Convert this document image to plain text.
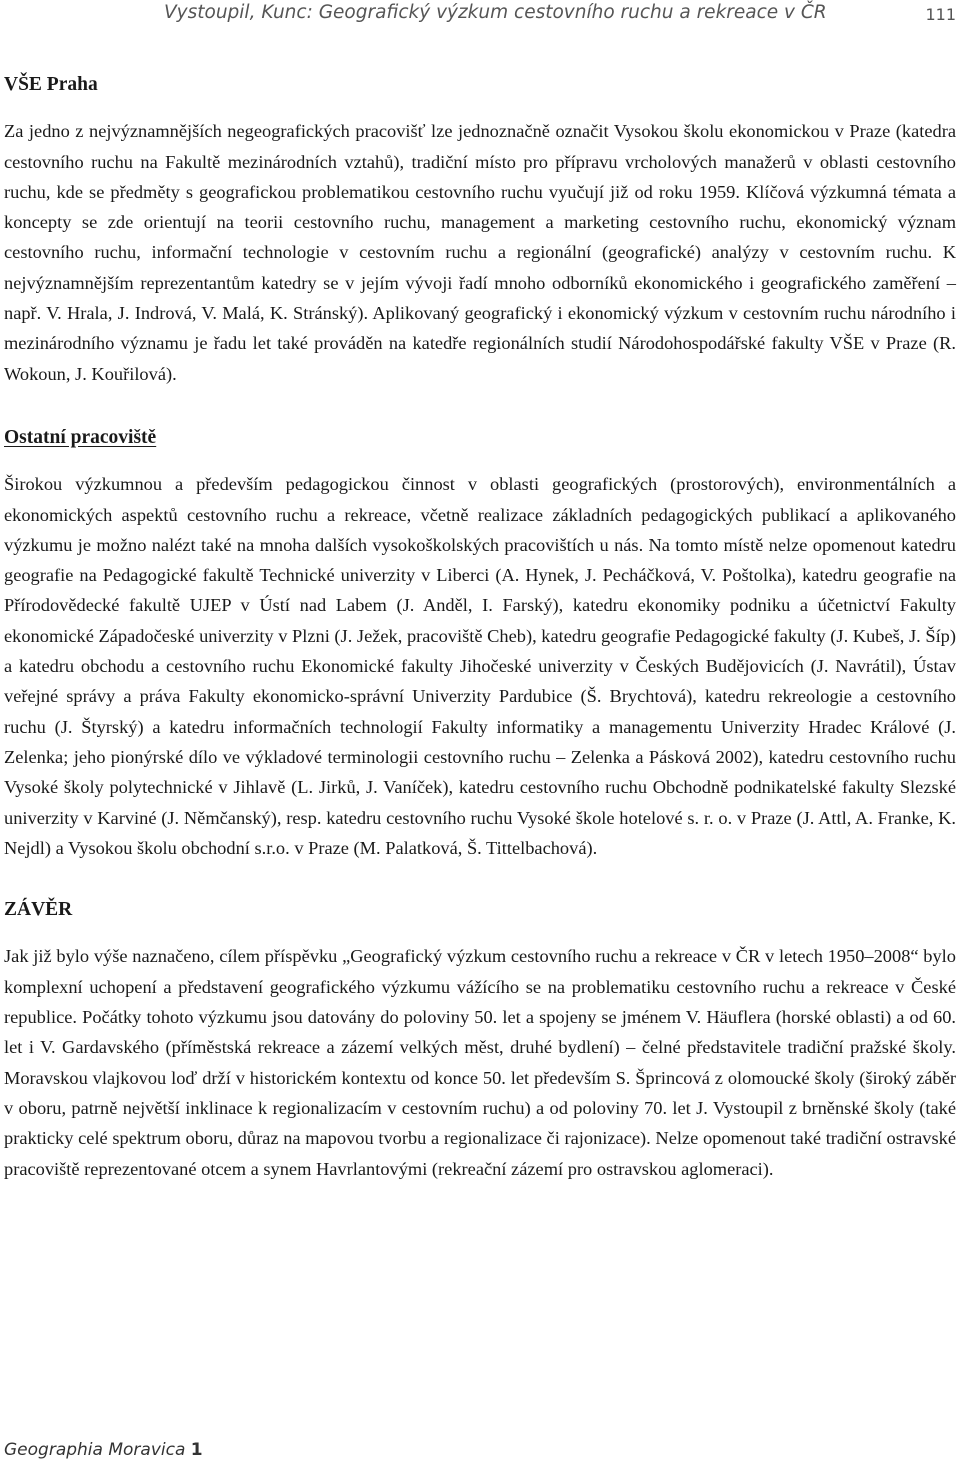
Vystoupil, Kunc: Geografický výzkum cestovního ruchu a rekreace v ČR	111
VŠE Praha

Za jedno z nejvýznamnějších negeografických pracovišť lze jednoznačně označit Vysokou školu ekonomickou v Praze (katedra cestovního ruchu na Fakultě mezinárodních vztahů), tradiční místo pro přípravu vrcholových manažerů v oblasti cestovního ruchu, kde se předměty s geografickou problematikou cestovního ruchu vyučují již od roku 1959. Klíčová výzkumná témata a koncepty se zde orientují na teorii cestovního ruchu, management a marketing cestovního ruchu, ekonomický význam cestovního ruchu, informační technologie v cestovním ruchu a regionální (geografické) analýzy v cestovním ruchu. K nejvýznamnějším reprezentantům katedry se v jejím vývoji řadí mnoho odborníků ekonomického i geografického zaměření – např. V. Hrala, J. Indrová, V. Malá, K. Stránský). Aplikovaný geografický i ekonomický výzkum v cestovním ruchu národního i mezinárodního významu je řadu let také prováděn na katedře regionálních studií Národohospodářské fakulty VŠE v Praze (R. Wokoun, J. Kouřilová).

Ostatní pracoviště

Širokou výzkumnou a především pedagogickou činnost v oblasti geografických (prostorových), environmentálních a ekonomických aspektů cestovního ruchu a rekreace, včetně realizace základních pedagogických publikací a aplikovaného výzkumu je možno nalézt také na mnoha dalších vysokoškolských pracovištích u nás. Na tomto místě nelze opomenout katedru geografie na Pedagogické fakultě Technické univerzity v Liberci (A. Hynek, J. Pecháčková, V. Poštolka), katedru geografie na Přírodovědecké fakultě UJEP v Ústí nad Labem (J. Anděl, I. Farský), katedru ekonomiky podniku a účetnictví Fakulty ekonomické Západočeské univerzity v Plzni (J. Ježek, pracoviště Cheb), katedru geografie Pedagogické fakulty (J. Kubeš, J. Šíp) a katedru obchodu a cestovního ruchu Ekonomické fakulty Jihočeské univerzity v Českých Budějovicích (J. Navrátil), Ústav veřejné správy a práva Fakulty ekonomicko-správní Univerzity Pardubice (Š. Brychtová), katedru rekreologie a cestovního ruchu (J. Štyrský) a katedru informačních technologií Fakulty informatiky a managementu Univerzity Hradec Králové (J. Zelenka; jeho pionýrské dílo ve výkladové terminologii cestovního ruchu – Zelenka a Pásková 2002), katedru cestovního ruchu Vysoké školy polytechnické v Jihlavě (L. Jirků, J. Vaníček), katedru cestovního ruchu Obchodně podnikatelské fakulty Slezské univerzity v Karviné (J. Němčanský), resp. katedru cestovního ruchu Vysoké škole hotelové s. r. o. v Praze (J. Attl, A. Franke, K. Nejdl) a Vysokou školu obchodní s.r.o. v Praze (M. Palatková, Š. Tittelbachová).

ZÁVĚR

Jak již bylo výše naznačeno, cílem příspěvku „Geografický výzkum cestovního ruchu a rekreace v ČR v letech 1950–2008“ bylo komplexní uchopení a představení geografického výzkumu vážícího se na problematiku cestovního ruchu a rekreace v České republice. Počátky tohoto výzkumu jsou datovány do poloviny 50. let a spojeny se jménem V. Häuflera (horské oblasti) a od 60. let i V. Gardavského (příměstská rekreace a zázemí velkých měst, druhé bydlení) – čelné představitele tradiční pražské školy. Moravskou vlajkovou loď drží v historickém kontextu od konce 50. let především S. Šprincová z olomoucké školy (široký záběr v oboru, patrně největší inklinace k regionalizacím v cestovním ruchu) a od poloviny 70. let J. Vystoupil z brněnské školy (také prakticky celé spektrum oboru, důraz na mapovou tvorbu a regionalizace či rajonizace). Nelze opomenout také tradiční ostravské pracoviště reprezentované otcem a synem Havrlantovými (rekreační zázemí pro ostravskou aglomeraci).

Geographia Moravica 1
